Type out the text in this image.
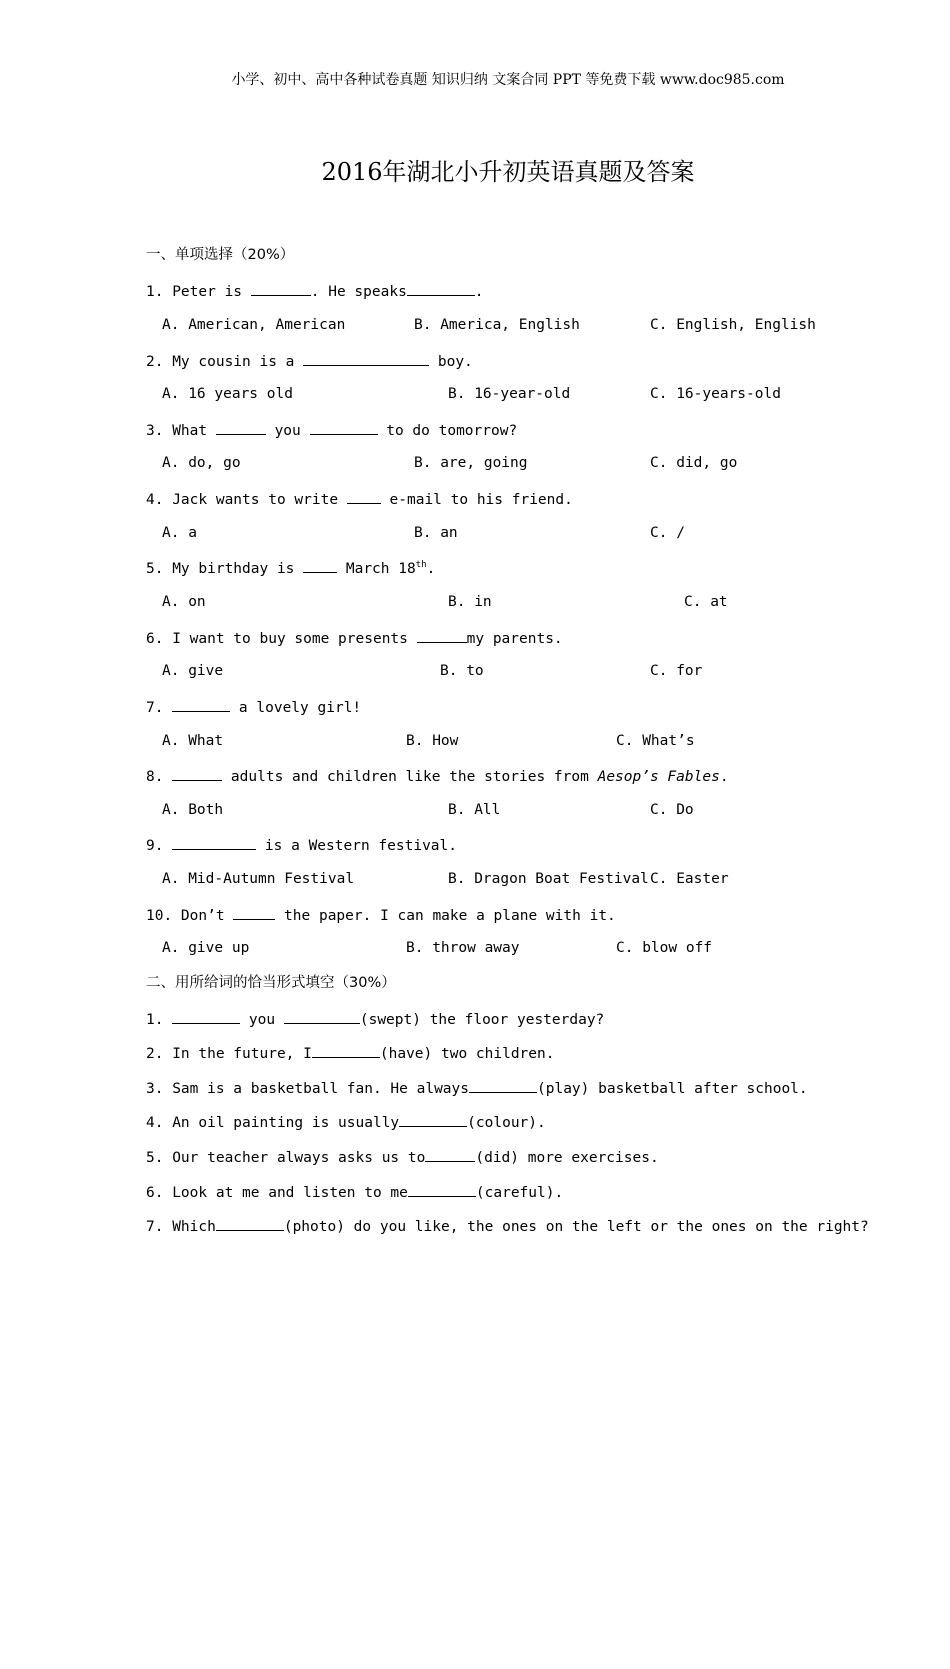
小学、初中、高中各种试卷真题 知识归纳 文案合同 PPT 等免费下载 www.doc985.com
2016年湖北小升初英语真题及答案

一、单项选择（20%）

1. Peter is	. He speaks	.

A. American, American

	B. America, English

	C. English, English

2. My cousin is a	boy.

A. 16 years old

	B. 16-year-old

	C. 16-years-old

3. What	you	to do tomorrow?

A. do, go

	B. are, going

	C. did, go

4. Jack wants to write  e-mail to his friend.

A. a

	B. an

	C. /

5. My birthday is  March 18th.

A. on

	B. in

	C. at

6. I want to buy some presents	my parents.

A. give

	B. to

	C. for

7.	a lovely girl!

A. What

	B. How

	C. What’s

8.	adults and children like the stories from Aesop’s Fables.

A. Both

	B. All

	C. Do

9.	is a Western festival.

A. Mid-Autumn Festival

	B. Dragon Boat Festival

C. Easter

10. Don’t	the paper. I can make a plane with it.

A. give up

	B. throw away

	C. blow off

二、用所给词的恰当形式填空（30%）

1.	you	(swept) the floor yesterday?

2. In the future, I	(have) two children.

3. Sam is a basketball fan. He always	(play) basketball after school.

4. An oil painting is usually	(colour).

5. Our teacher always asks us to	(did) more exercises.

6. Look at me and listen to me	(careful).

7. Which	(photo) do you like, the ones on the left or the ones on the right?
